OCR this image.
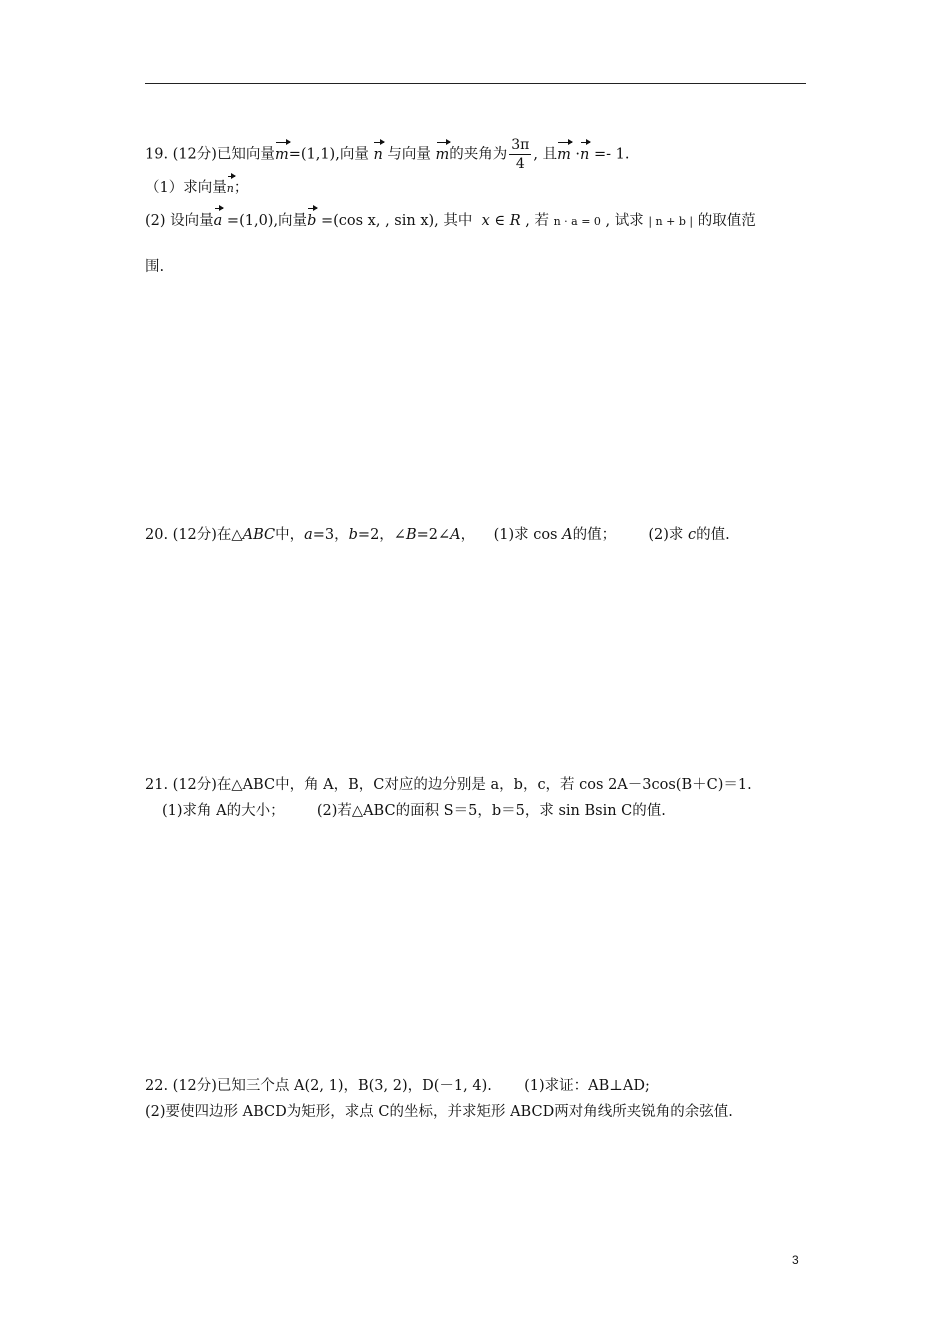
19. (12分)已知向量m=(1,1),向量 n 与向量 m的夹角为 $\frac{3\pi}{4}$ , 且m ·n =- 1.
（1）求向量n；
(2) 设向量a =(1,0),向量b =(cos x, , sin x), 其中 x ∈ R , 若 n · a = 0 , 试求 | n + b | 的取值范
围.
20. (12分)在△ABC中，a=3，b=2，∠B=2∠A， (1)求 cos A的值； (2)求 c的值.
21. (12分)在△ABC中，角 A，B，C对应的边分别是 a，b，c，若 cos 2A－3cos(B＋C)＝1.
(1)求角 A的大小； (2)若△ABC的面积 S＝5，b＝5，求 sin Bsin C的值.
22. (12分)已知三个点 A(2, 1)，B(3, 2)，D(－1, 4). (1)求证：AB⊥AD;
(2)要使四边形 ABCD为矩形，求点 C的坐标，并求矩形 ABCD两对角线所夹锐角的余弦值.
3
